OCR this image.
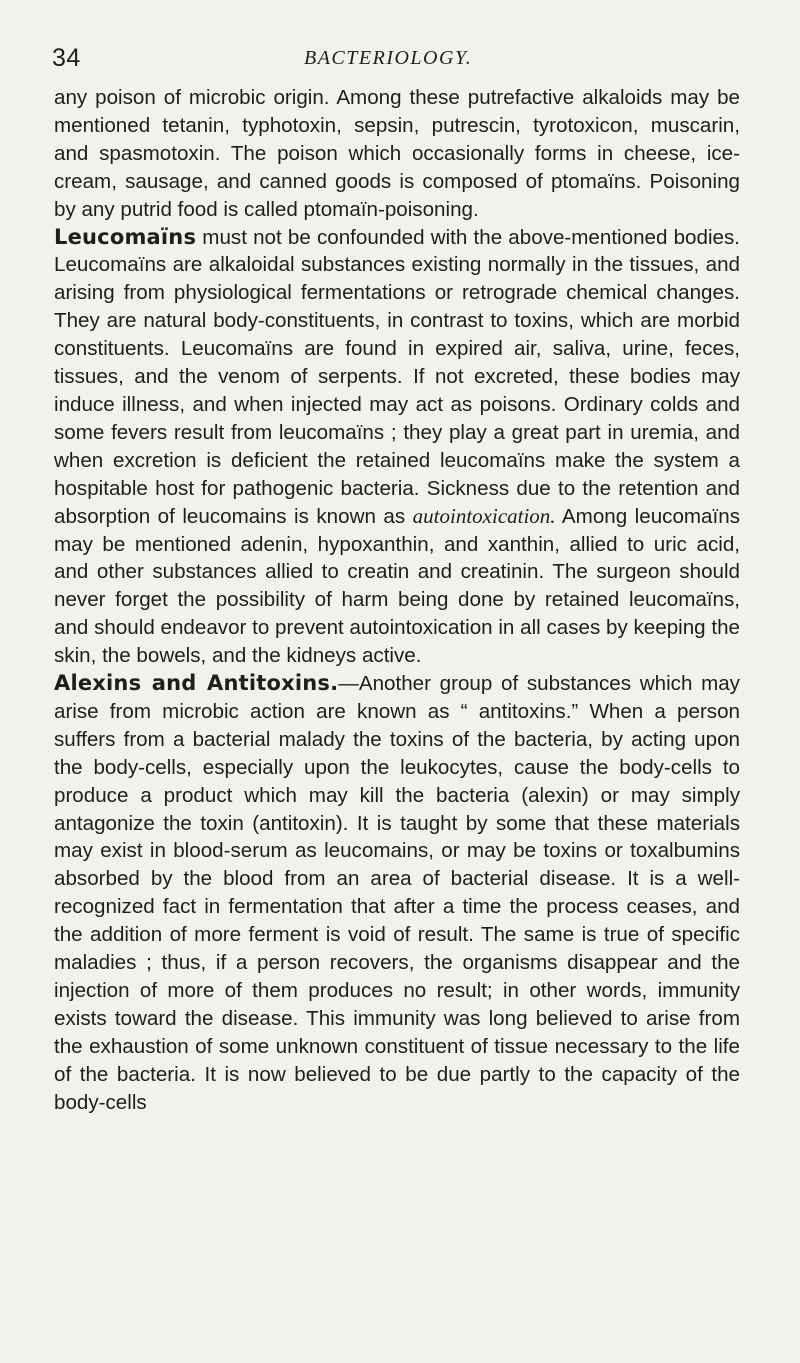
34	BACTERIOLOGY.

any poison of microbic origin. Among these putrefactive alkaloids may be mentioned tetanin, typhotoxin, sepsin, putrescin, tyrotoxicon, muscarin, and spasmotoxin. The poison which occasionally forms in cheese, ice-cream, sausage, and canned goods is composed of ptomaïns. Poisoning by any putrid food is called ptomaïn-poisoning.

Leucomaïns must not be confounded with the above-mentioned bodies. Leucomaïns are alkaloidal substances existing normally in the tissues, and arising from physiological fermentations or retrograde chemical changes. They are natural body-constituents, in contrast to toxins, which are morbid constituents. Leucomaïns are found in expired air, saliva, urine, feces, tissues, and the venom of serpents. If not excreted, these bodies may induce illness, and when injected may act as poisons. Ordinary colds and some fevers result from leucomaïns ; they play a great part in uremia, and when excretion is deficient the retained leucomaïns make the system a hospitable host for pathogenic bacteria. Sickness due to the retention and absorption of leucomains is known as autointoxication. Among leucomaïns may be mentioned adenin, hypoxanthin, and xanthin, allied to uric acid, and other substances allied to creatin and creatinin. The surgeon should never forget the possibility of harm being done by retained leucomaïns, and should endeavor to prevent autointoxication in all cases by keeping the skin, the bowels, and the kidneys active.

Alexins and Antitoxins.—Another group of substances which may arise from microbic action are known as “ antitoxins.” When a person suffers from a bacterial malady the toxins of the bacteria, by acting upon the body-cells, especially upon the leukocytes, cause the body-cells to produce a product which may kill the bacteria (alexin) or may simply antagonize the toxin (antitoxin). It is taught by some that these materials may exist in blood-serum as leucomains, or may be toxins or toxalbumins absorbed by the blood from an area of bacterial disease. It is a well-recognized fact in fermentation that after a time the process ceases, and the addition of more ferment is void of result. The same is true of specific maladies ; thus, if a person recovers, the organisms disappear and the injection of more of them produces no result; in other words, immunity exists toward the disease. This immunity was long believed to arise from the exhaustion of some unknown constituent of tissue necessary to the life of the bacteria. It is now believed to be due partly to the capacity of the body-cells
